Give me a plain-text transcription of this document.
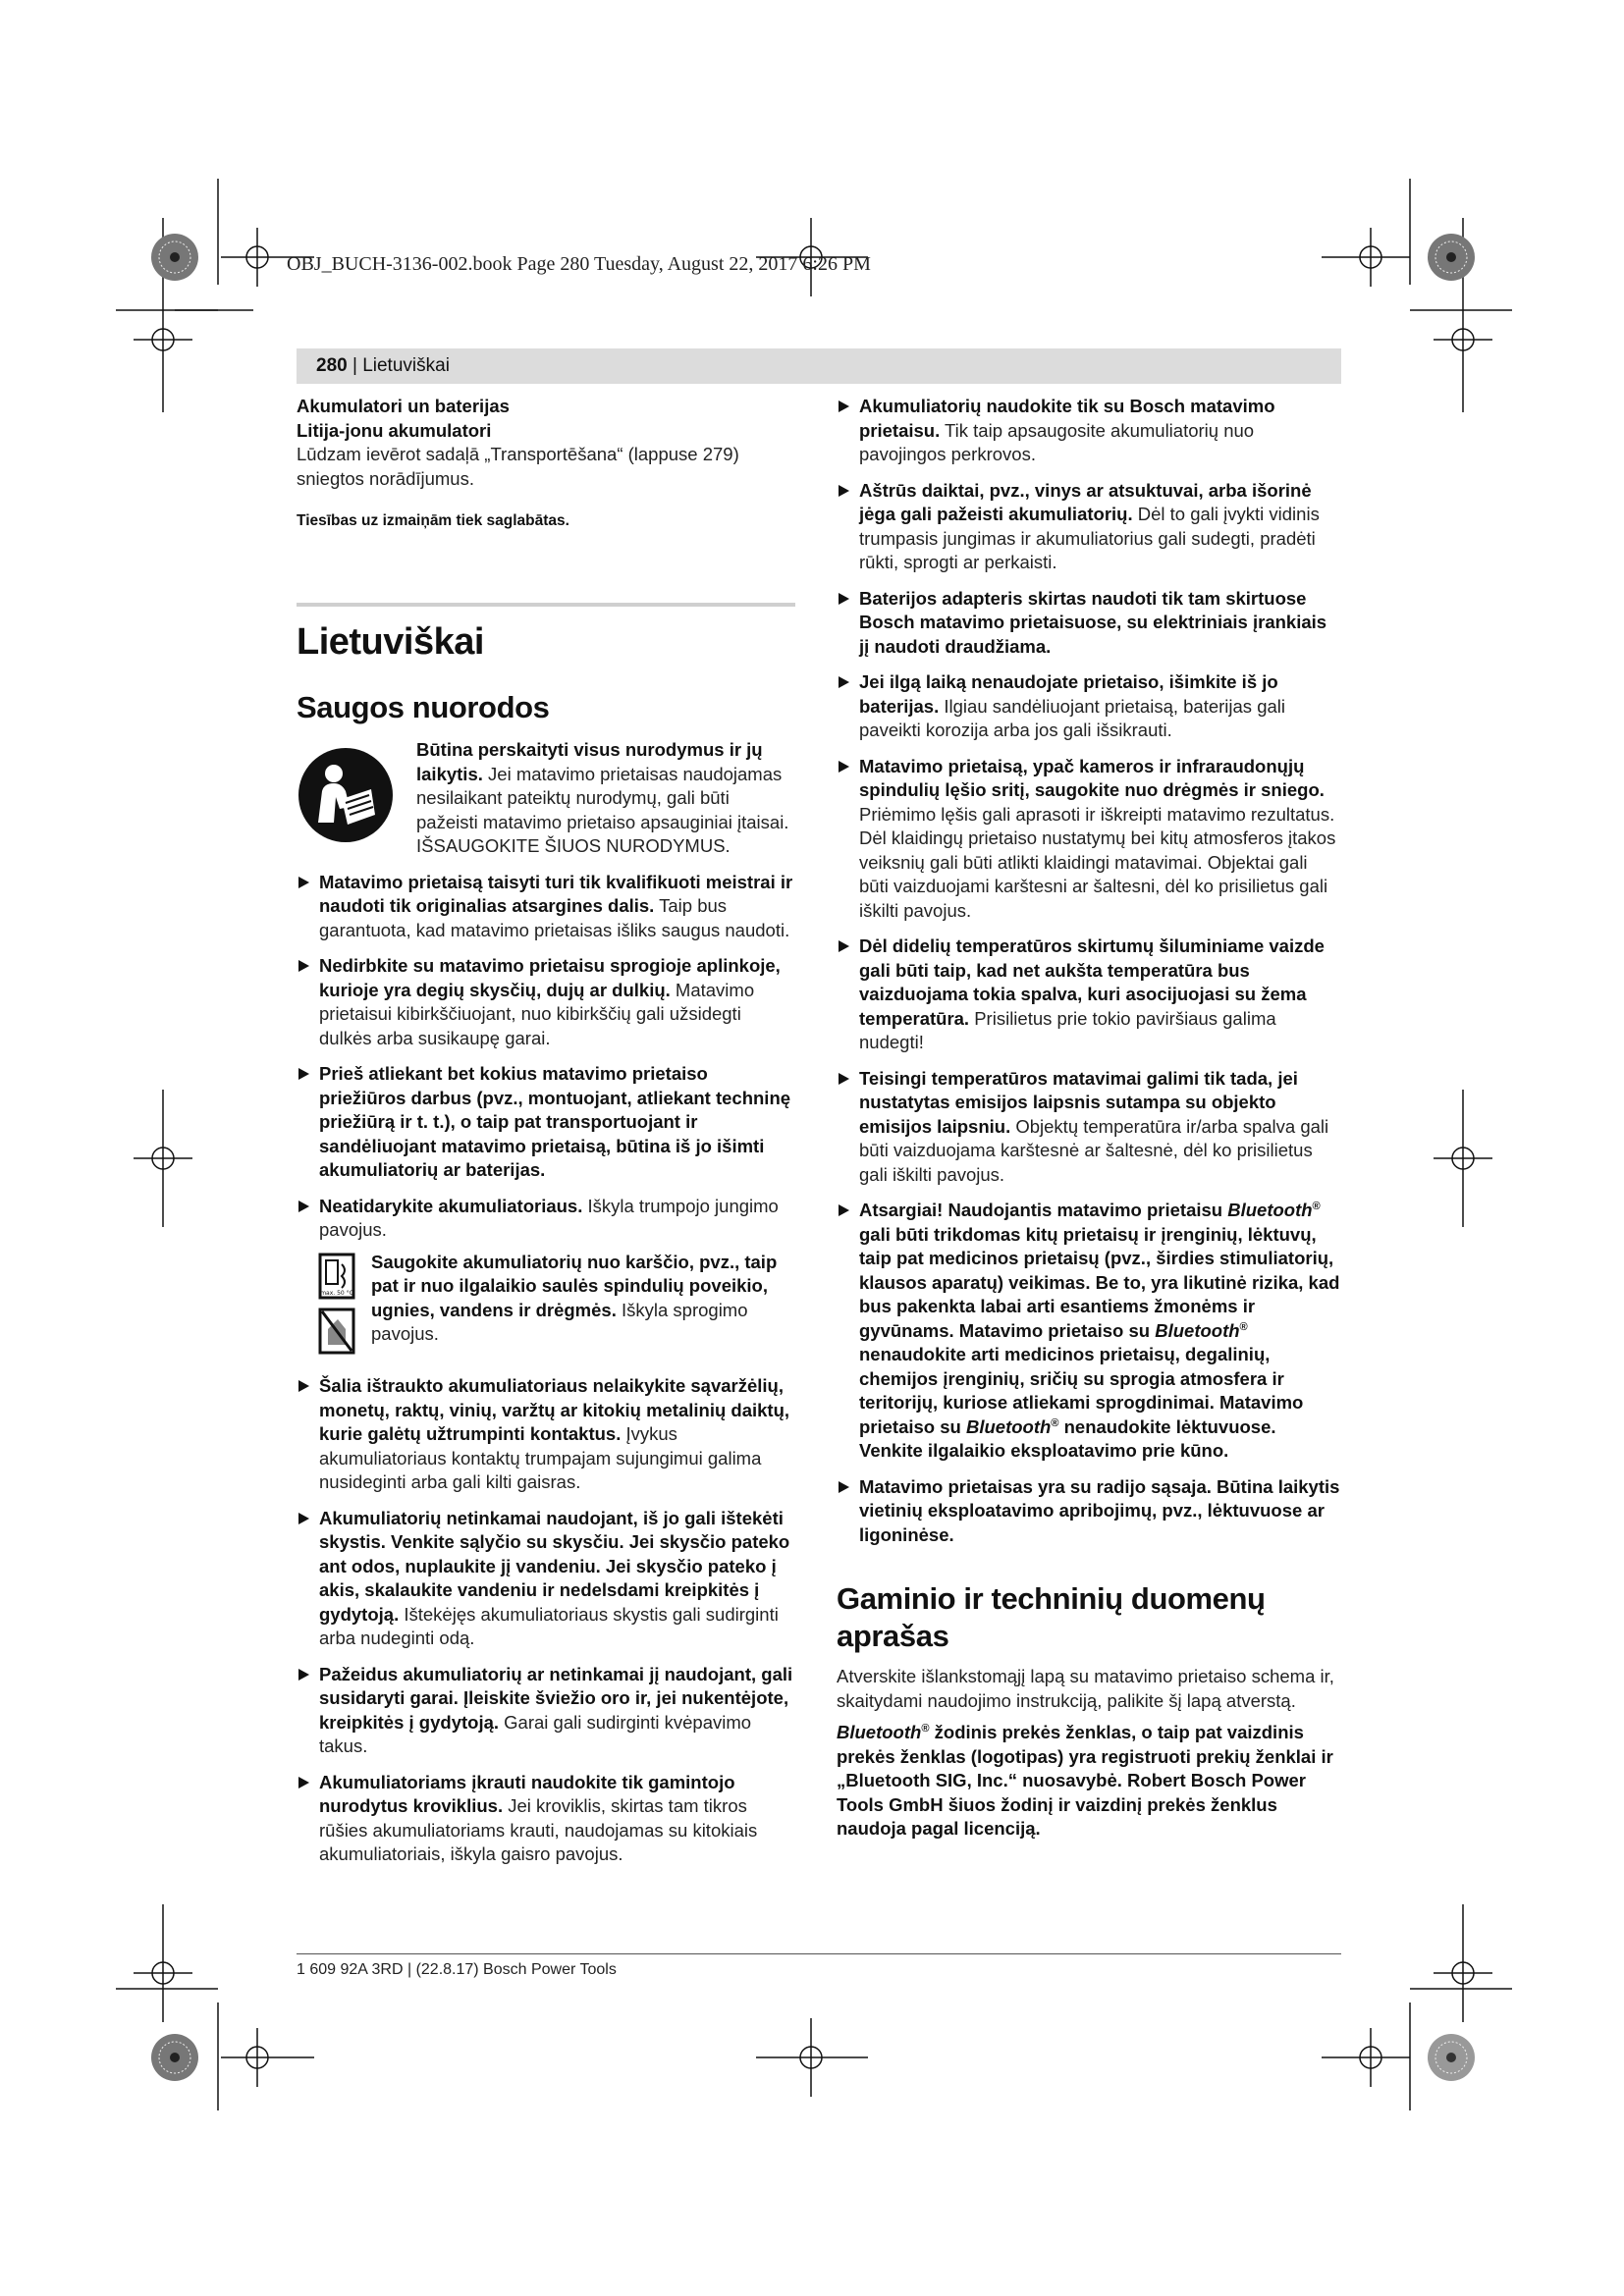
OBJ_BUCH-3136-002.book Page 280 Tuesday, August 22, 2017 6:26 PM
280 | Lietuviškai

Akumulatori un baterijas

Litija-jonu akumulatori

Lūdzam ievērot sadaļā „Transportēšana“ (lappuse 279) sniegtos norādījumus.

Tiesības uz izmaiņām tiek saglabātas.

Lietuviškai
Saugos nuorodos
Būtina perskaityti visus nurodymus ir jų laikytis. Jei matavimo prietaisas naudojamas nesilaikant pateiktų nurodymų, gali būti pažeisti matavimo prietaiso apsauginiai įtaisai. IŠSAUGOKITE ŠIUOS NURODYMUS.
Matavimo prietaisą taisyti turi tik kvalifikuoti meistrai ir naudoti tik originalias atsargines dalis. Taip bus garantuota, kad matavimo prietaisas išliks saugus naudoti.
Nedirbkite su matavimo prietaisu sprogioje aplinkoje, kurioje yra degių skysčių, dujų ar dulkių. Matavimo prietaisui kibirkščiuojant, nuo kibirkščių gali užsidegti dulkės arba susikaupę garai.
Prieš atliekant bet kokius matavimo prietaiso priežiūros darbus (pvz., montuojant, atliekant techninę priežiūrą ir t. t.), o taip pat transportuojant ir sandėliuojant matavimo prietaisą, būtina iš jo išimti akumuliatorių ar baterijas.
Neatidarykite akumuliatoriaus. Iškyla trumpojo jungimo pavojus.
max. 50 °C
Saugokite akumuliatorių nuo karščio, pvz., taip pat ir nuo ilgalaikio saulės spindulių poveikio, ugnies, vandens ir drėgmės. Iškyla sprogimo pavojus.
Šalia ištraukto akumuliatoriaus nelaikykite sąvaržėlių, monetų, raktų, vinių, varžtų ar kitokių metalinių daiktų, kurie galėtų užtrumpinti kontaktus. Įvykus akumuliatoriaus kontaktų trumpajam sujungimui galima nusideginti arba gali kilti gaisras.
Akumuliatorių netinkamai naudojant, iš jo gali ištekėti skystis. Venkite sąlyčio su skysčiu. Jei skysčio pateko ant odos, nuplaukite jį vandeniu. Jei skysčio pateko į akis, skalaukite vandeniu ir nedelsdami kreipkitės į gydytoją. Ištekėjęs akumuliatoriaus skystis gali sudirginti arba nudeginti odą.
Pažeidus akumuliatorių ar netinkamai jį naudojant, gali susidaryti garai. Įleiskite šviežio oro ir, jei nukentėjote, kreipkitės į gydytoją. Garai gali sudirginti kvėpavimo takus.
Akumuliatoriams įkrauti naudokite tik gamintojo nurodytus kroviklius. Jei kroviklis, skirtas tam tikros rūšies akumuliatoriams krauti, naudojamas su kitokiais akumuliatoriais, iškyla gaisro pavojus.
Akumuliatorių naudokite tik su Bosch matavimo prietaisu. Tik taip apsaugosite akumuliatorių nuo pavojingos perkrovos.
Aštrūs daiktai, pvz., vinys ar atsuktuvai, arba išorinė jėga gali pažeisti akumuliatorių. Dėl to gali įvykti vidinis trumpasis jungimas ir akumuliatorius gali sudegti, pradėti rūkti, sprogti ar perkaisti.
Baterijos adapteris skirtas naudoti tik tam skirtuose Bosch matavimo prietaisuose, su elektriniais įrankiais jį naudoti draudžiama.
Jei ilgą laiką nenaudojate prietaiso, išimkite iš jo baterijas. Ilgiau sandėliuojant prietaisą, baterijas gali paveikti korozija arba jos gali išsikrauti.
Matavimo prietaisą, ypač kameros ir infraraudonųjų spindulių lęšio sritį, saugokite nuo drėgmės ir sniego. Priėmimo lęšis gali aprasoti ir iškreipti matavimo rezultatus. Dėl klaidingų prietaiso nustatymų bei kitų atmosferos įtakos veiksnių gali būti atlikti klaidingi matavimai. Objektai gali būti vaizduojami karštesni ar šaltesni, dėl ko prisilietus gali iškilti pavojus.
Dėl didelių temperatūros skirtumų šiluminiame vaizde gali būti taip, kad net aukšta temperatūra bus vaizduojama tokia spalva, kuri asocijuojasi su žema temperatūra. Prisilietus prie tokio paviršiaus galima nudegti!
Teisingi temperatūros matavimai galimi tik tada, jei nustatytas emisijos laipsnis sutampa su objekto emisijos laipsniu. Objektų temperatūra ir/arba spalva gali būti vaizduojama karštesnė ar šaltesnė, dėl ko prisilietus gali iškilti pavojus.
Atsargiai! Naudojantis matavimo prietaisu Bluetooth® gali būti trikdomas kitų prietaisų ir įrenginių, lėktuvų, taip pat medicinos prietaisų (pvz., širdies stimuliatorių, klausos aparatų) veikimas. Be to, yra likutinė rizika, kad bus pakenkta labai arti esantiems žmonėms ir gyvūnams. Matavimo prietaiso su Bluetooth® nenaudokite arti medicinos prietaisų, degalinių, chemijos įrenginių, sričių su sprogia atmosfera ir teritorijų, kuriose atliekami sprogdinimai. Matavimo prietaiso su Bluetooth® nenaudokite lėktuvuose. Venkite ilgalaikio eksploatavimo prie kūno.
Matavimo prietaisas yra su radijo sąsaja. Būtina laikytis vietinių eksploatavimo apribojimų, pvz., lėktuvuose ar ligoninėse.
Gaminio ir techninių duomenų aprašas

Atverskite išlankstomąjį lapą su matavimo prietaiso schema ir, skaitydami naudojimo instrukciją, palikite šį lapą atverstą.

Bluetooth® žodinis prekės ženklas, o taip pat vaizdinis prekės ženklas (logotipas) yra registruoti prekių ženklai ir „Bluetooth SIG, Inc.“ nuosavybė. Robert Bosch Power Tools GmbH šiuos žodinį ir vaizdinį prekės ženklus naudoja pagal licenciją.

1 609 92A 3RD | (22.8.17) Bosch Power Tools
